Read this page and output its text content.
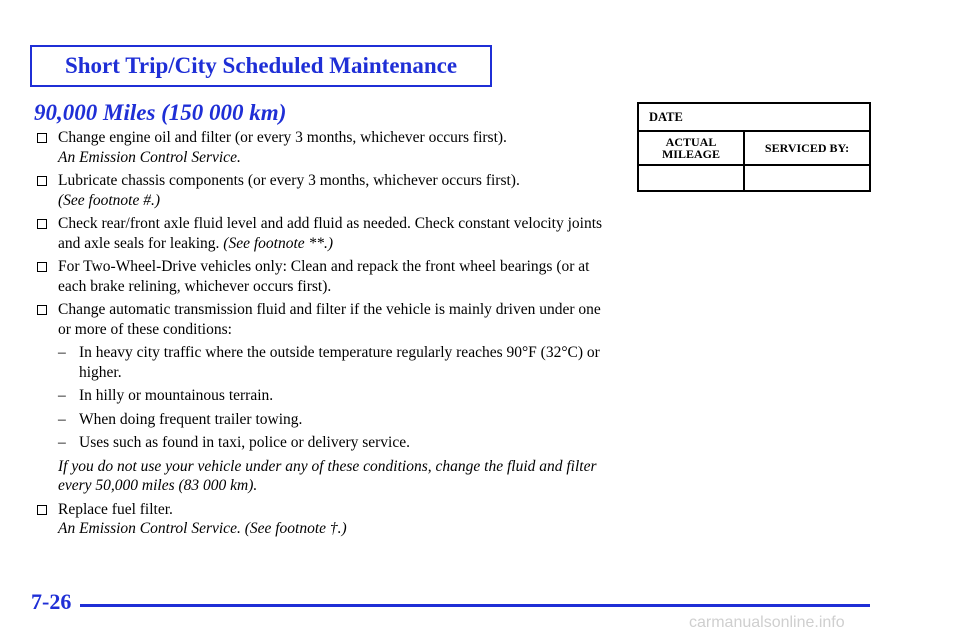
Short Trip/City Scheduled Maintenance
90,000 Miles (150 000 km)
Change engine oil and filter (or every 3 months, whichever occurs first).
An Emission Control Service.
Lubricate chassis components (or every 3 months, whichever occurs first).
(See footnote #.)
Check rear/front axle fluid level and add fluid as needed. Check constant velocity joints and axle seals for leaking. (See footnote **.)
For Two-Wheel-Drive vehicles only: Clean and repack the front wheel bearings (or at each brake relining, whichever occurs first).
Change automatic transmission fluid and filter if the vehicle is mainly driven under one or more of these conditions:
– In heavy city traffic where the outside temperature regularly reaches 90°F (32°C) or higher.
– In hilly or mountainous terrain.
– When doing frequent trailer towing.
– Uses such as found in taxi, police or delivery service.
If you do not use your vehicle under any of these conditions, change the fluid and filter every 50,000 miles (83 000 km).
Replace fuel filter.
An Emission Control Service. (See footnote †.)
DATE	
ACTUAL MILEAGE	SERVICED BY:

7-26
carmanualsonline.info
